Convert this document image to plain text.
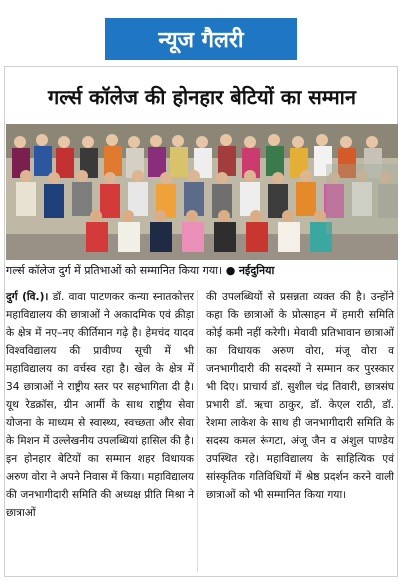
न्यूज गैलरी
गर्ल्स कॉलेज की होनहार बेटियों का सम्मान
गर्ल्स कॉलेज दुर्ग में प्रतिभाओं को सम्मानित किया गया। ● नईदुनिया
दुर्ग (वि.)। डॉ. वावा पाटणकर कन्या स्नातकोत्तर महाविद्यालय की छात्राओं ने अकादमिक एवं क्रीड़ा के क्षेत्र में नए–नए कीर्तिमान गढ़े है। हेमचंद यादव विश्वविद्यालय की प्रावीण्य सूची में भी महाविद्यालय का वर्चस्व रहा है। खेल के क्षेत्र में 34 छात्राओं ने राष्ट्रीय स्तर पर सहभागिता दी है। यूथ रेडक्रॉस, ग्रीन आर्मी के साथ राष्ट्रीय सेवा योजना के माध्यम से स्वास्थ्य, स्वच्छता और सेवा के मिशन में उल्लेखनीय उपलब्धियां हासिल की है। इन होनहार बेटियों का सम्मान शहर विधायक अरुण वोरा ने अपने निवास में किया। महाविद्यालय की जनभागीदारी समिति की अध्यक्ष प्रीति मिश्रा ने छात्राओं
की उपलब्धियों से प्रसन्नता व्यक्त की है। उन्होंने कहा कि छात्राओं के प्रोत्साहन में हमारी समिति कोई कमी नहीं करेगी। मेवावी प्रतिभावान छात्राओं का विधायक अरुण वोरा, मंजू वोरा व जनभागीदारी की सदस्यों ने सम्मान कर पुरस्कार भी दिए। प्राचार्य डॉ. सुशील चंद्र तिवारी, छात्रसंघ प्रभारी डॉ. ऋचा ठाकुर, डॉ. केएल राठी, डॉ. रेशमा लाकेश के साथ ही जनभागीदारी समिति के सदस्य कमल रूंगटा, अंजू जैन व अंशुल पाण्डेय उपस्थित रहे। महाविद्यालय के साहित्यिक एवं सांस्कृतिक गतिविधियों में श्रेष्ठ प्रदर्शन करने वाली छात्राओं को भी सम्मानित किया गया।
